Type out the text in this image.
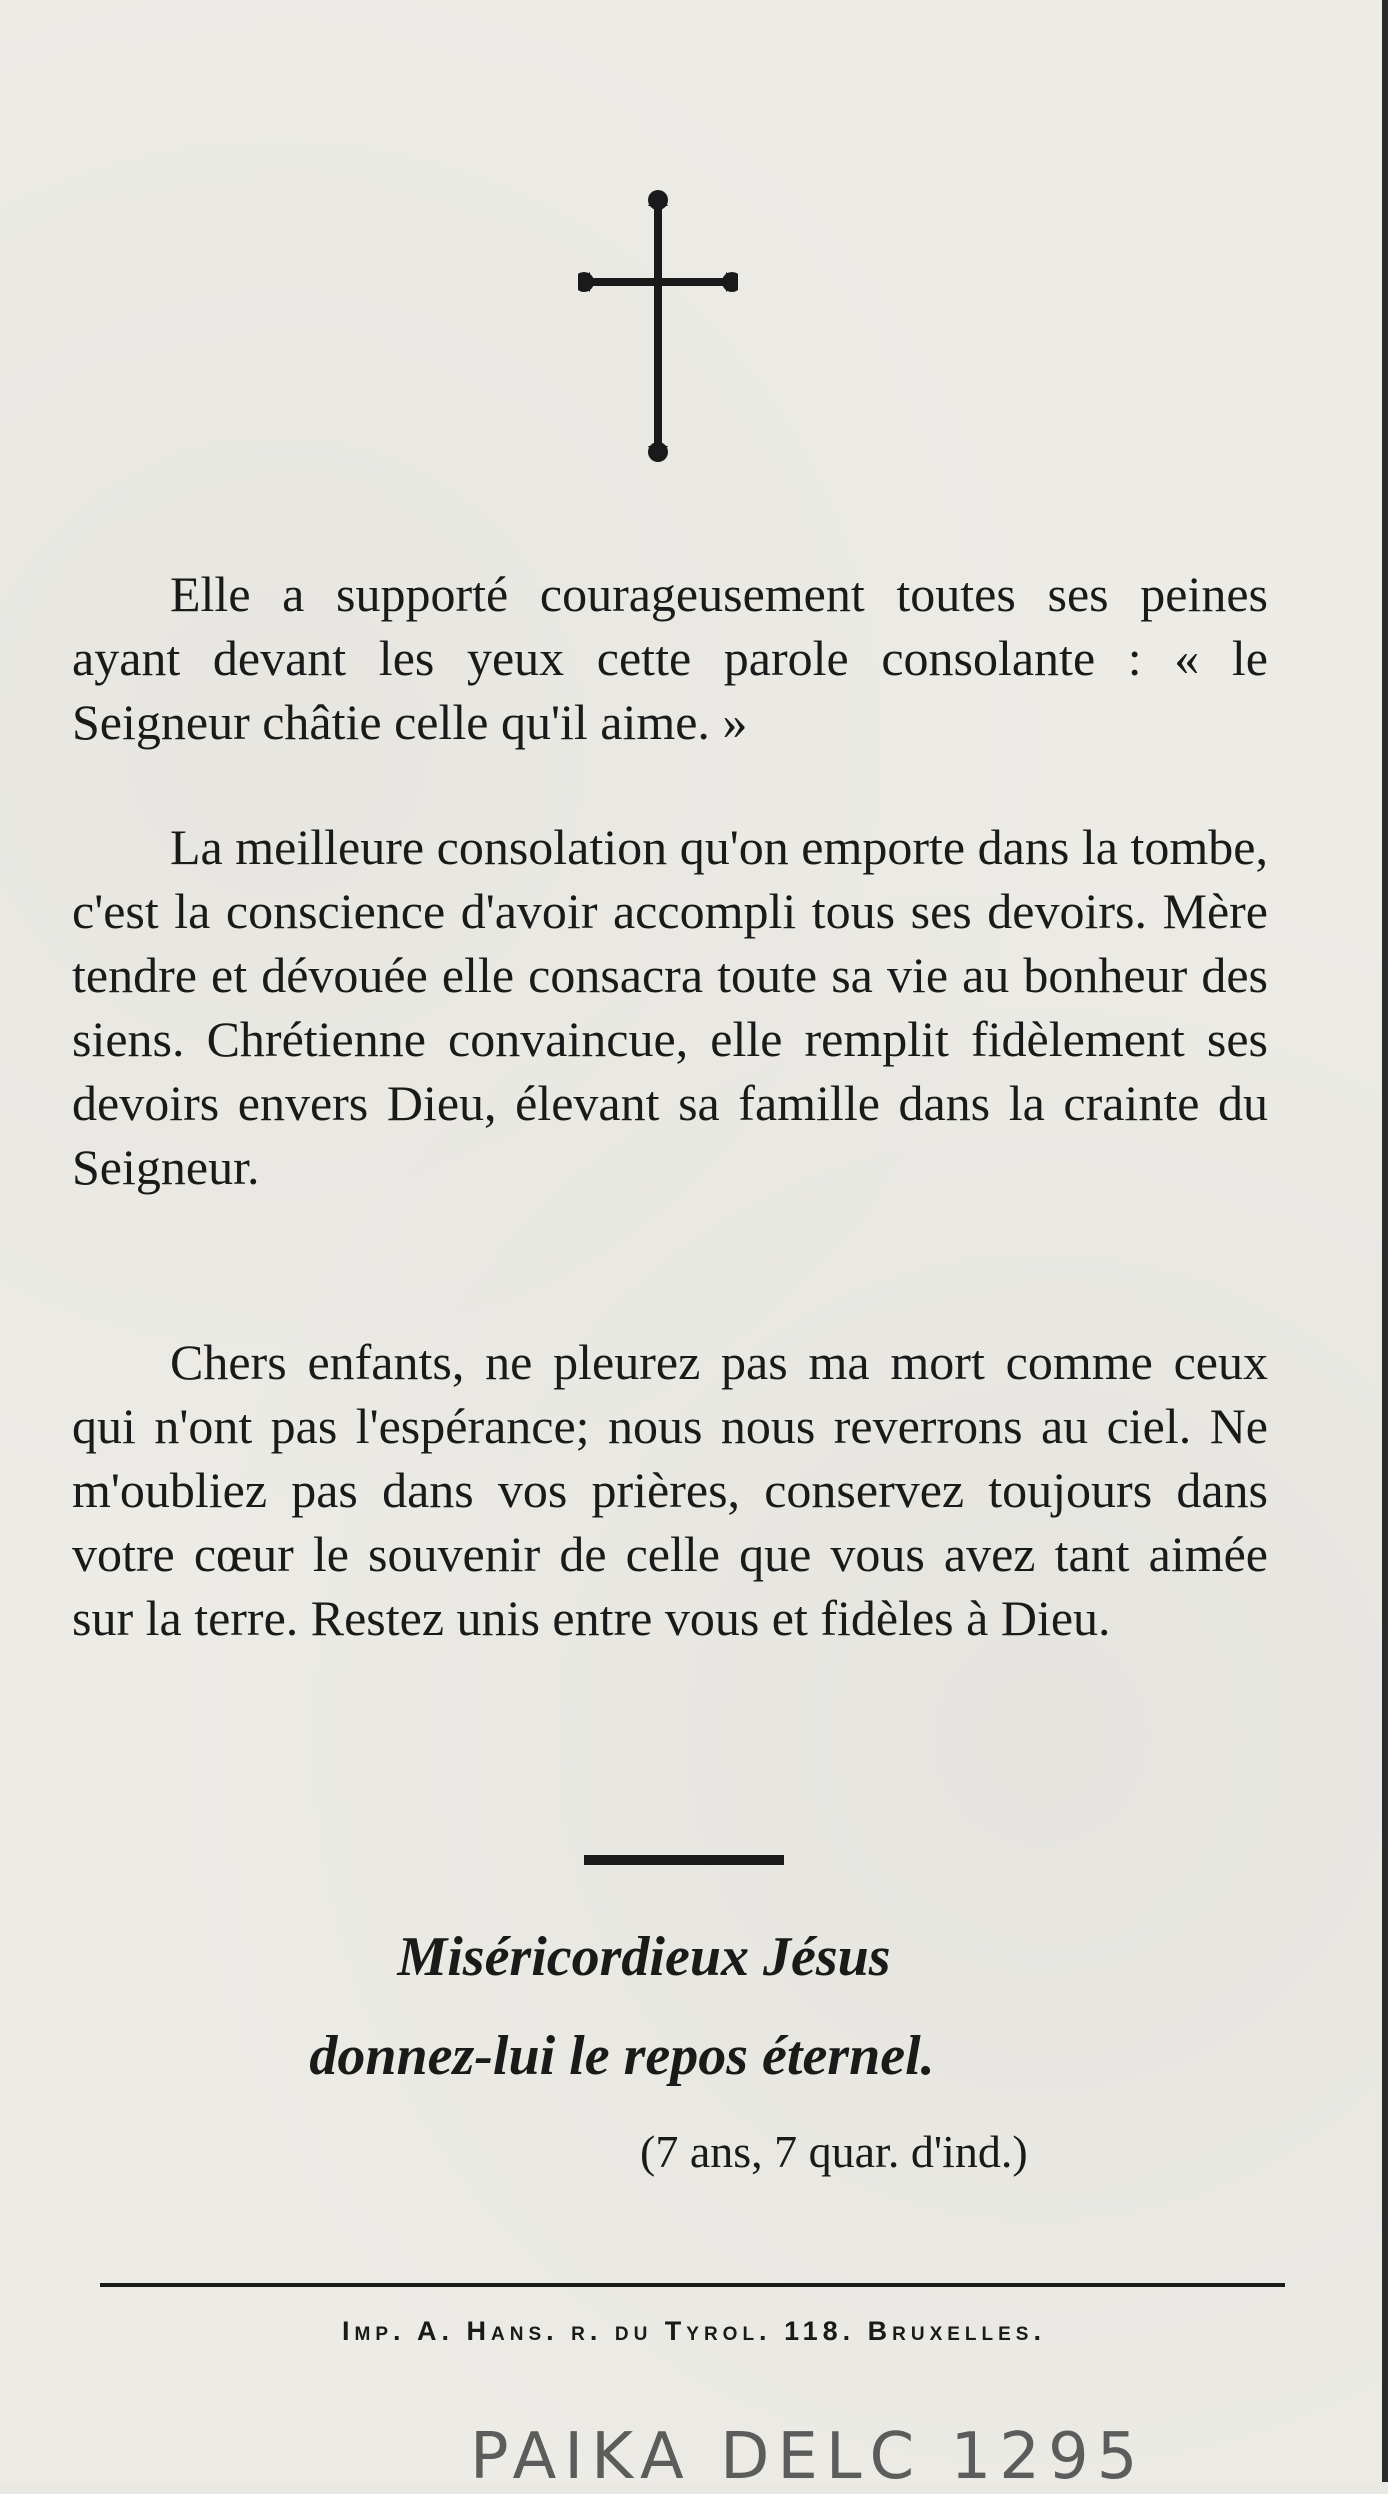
Elle a supporté courageusement toutes ses peines ayant devant les yeux cette parole consolante : « le Seigneur châtie celle qu'il aime. »

La meilleure consolation qu'on emporte dans la tombe, c'est la conscience d'avoir accompli tous ses devoirs. Mère tendre et dévouée elle consacra toute sa vie au bonheur des siens. Chrétienne convaincue, elle remplit fidèlement ses devoirs envers Dieu, élevant sa famille dans la crainte du Seigneur.

Chers enfants, ne pleurez pas ma mort comme ceux qui n'ont pas l'espérance; nous nous reverrons au ciel. Ne m'oubliez pas dans vos prières, conservez toujours dans votre cœur le souvenir de celle que vous avez tant aimée sur la terre. Restez unis entre vous et fidèles à Dieu.

Miséricordieux Jésus

donnez-lui le repos éternel.

(7 ans, 7 quar. d'ind.)

Imp. A. Hans. r. du Tyrol. 118. Bruxelles.

PAIKA DELC 1295
